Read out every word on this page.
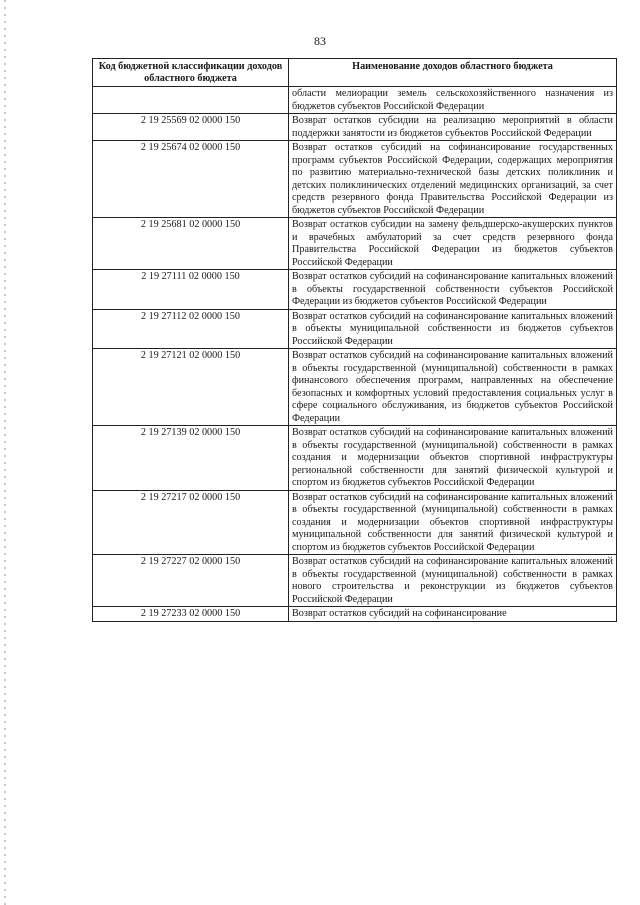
83
Код бюджетной классификации доходов областного бюджета	Наименование доходов областного бюджета
	области мелиорации земель сельскохозяйственного назначения из бюджетов субъектов Российской Федерации
2 19 25569 02 0000 150	Возврат остатков субсидии на реализацию мероприятий в области поддержки занятости из бюджетов субъектов Российской Федерации
2 19 25674 02 0000 150	Возврат остатков субсидий на софинансирование государственных программ субъектов Российской Федерации, содержащих мероприятия по развитию материально-технической базы детских поликлиник и детских поликлинических отделений медицинских организаций, за счет средств резервного фонда Правительства Российской Федерации из бюджетов субъектов Российской Федерации
2 19 25681 02 0000 150	Возврат остатков субсидии на замену фельдшерско-акушерских пунктов и врачебных амбулаторий за счет средств резервного фонда Правительства Российской Федерации из бюджетов субъектов Российской Федерации
2 19 27111 02 0000 150	Возврат остатков субсидий на софинансирование капитальных вложений в объекты государственной собственности субъектов Российской Федерации из бюджетов субъектов Российской Федерации
2 19 27112 02 0000 150	Возврат остатков субсидий на софинансирование капитальных вложений в объекты муниципальной собственности из бюджетов субъектов Российской Федерации
2 19 27121 02 0000 150	Возврат остатков субсидий на софинансирование капитальных вложений в объекты государственной (муниципальной) собственности в рамках финансового обеспечения программ, направленных на обеспечение безопасных и комфортных условий предоставления социальных услуг в сфере социального обслуживания, из бюджетов субъектов Российской Федерации
2 19 27139 02 0000 150	Возврат остатков субсидий на софинансирование капитальных вложений в объекты государственной (муниципальной) собственности в рамках создания и модернизации объектов спортивной инфраструктуры региональной собственности для занятий физической культурой и спортом из бюджетов субъектов Российской Федерации
2 19 27217 02 0000 150	Возврат остатков субсидий на софинансирование капитальных вложений в объекты государственной (муниципальной) собственности в рамках создания и модернизации объектов спортивной инфраструктуры муниципальной собственности для занятий физической культурой и спортом из бюджетов субъектов Российской Федерации
2 19 27227 02 0000 150	Возврат остатков субсидий на софинансирование капитальных вложений в объекты государственной (муниципальной) собственности в рамках нового строительства и реконструкции из бюджетов субъектов Российской Федерации
2 19 27233 02 0000 150	Возврат остатков субсидий на софинансирование
